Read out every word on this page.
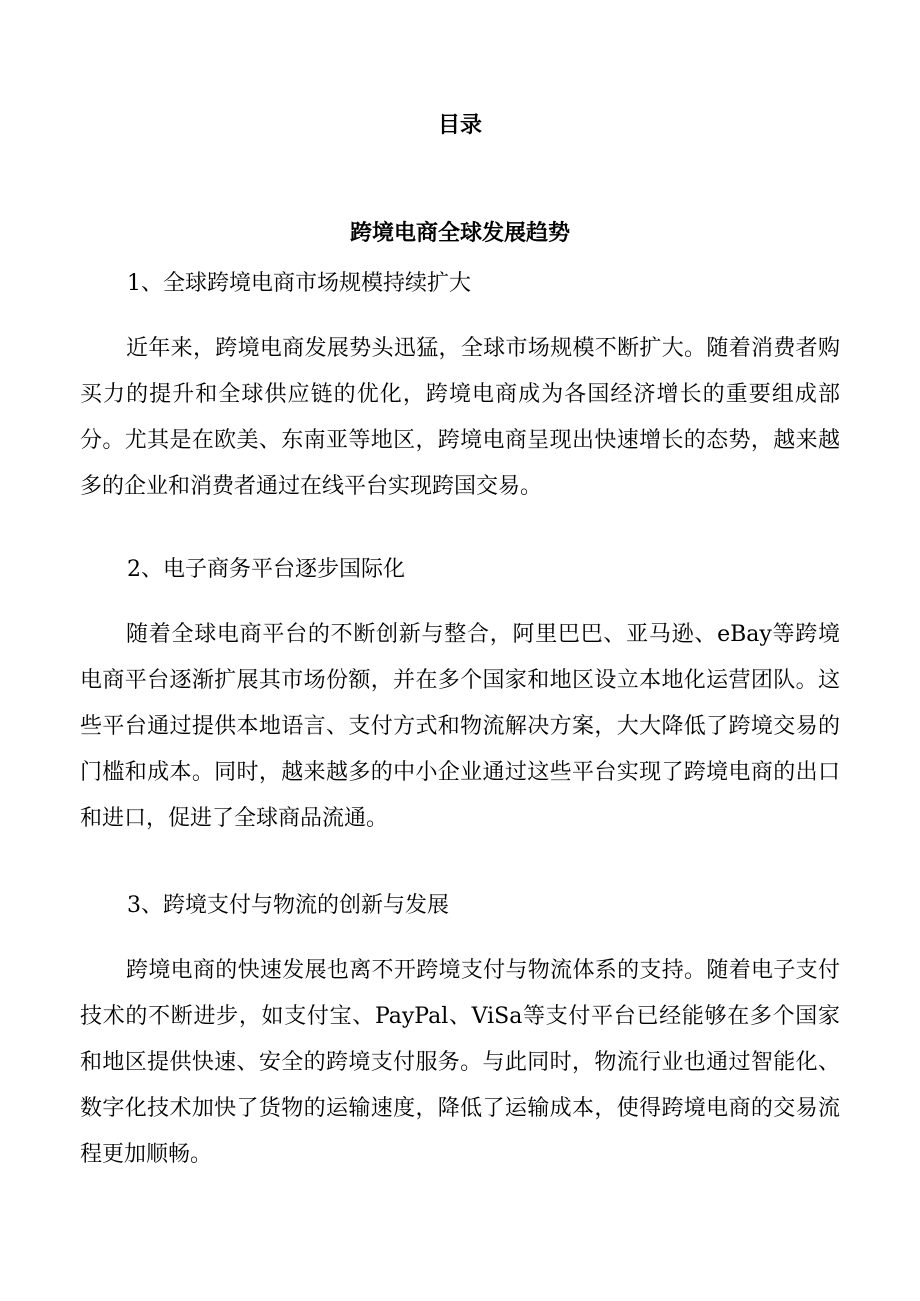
目录
跨境电商全球发展趋势
1、全球跨境电商市场规模持续扩大

近年来，跨境电商发展势头迅猛，全球市场规模不断扩大。随着消费者购买力的提升和全球供应链的优化，跨境电商成为各国经济增长的重要组成部分。尤其是在欧美、东南亚等地区，跨境电商呈现出快速增长的态势，越来越多的企业和消费者通过在线平台实现跨国交易。

2、电子商务平台逐步国际化

随着全球电商平台的不断创新与整合，阿里巴巴、亚马逊、eBay等跨境电商平台逐渐扩展其市场份额，并在多个国家和地区设立本地化运营团队。这些平台通过提供本地语言、支付方式和物流解决方案，大大降低了跨境交易的门槛和成本。同时，越来越多的中小企业通过这些平台实现了跨境电商的出口和进口，促进了全球商品流通。

3、跨境支付与物流的创新与发展

跨境电商的快速发展也离不开跨境支付与物流体系的支持。随着电子支付技术的不断进步，如支付宝、PayPal、ViSa等支付平台已经能够在多个国家和地区提供快速、安全的跨境支付服务。与此同时，物流行业也通过智能化、数字化技术加快了货物的运输速度，降低了运输成本，使得跨境电商的交易流程更加顺畅。
